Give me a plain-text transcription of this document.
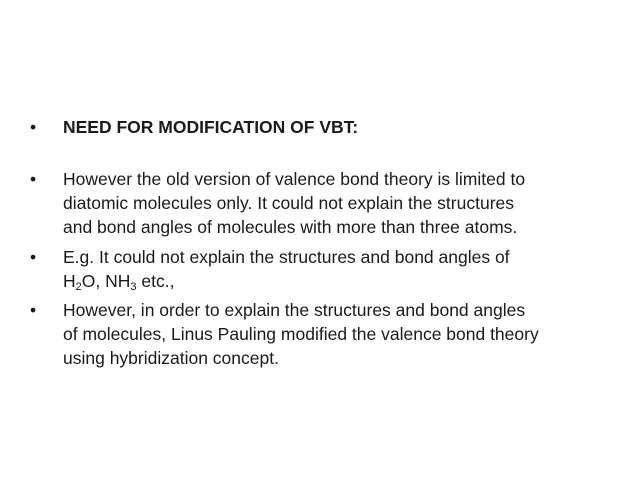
•	NEED FOR MODIFICATION OF VBT:
•	However the old version of valence bond theory is limited to
diatomic molecules only. It could not explain the structures
and bond angles of molecules with more than three atoms.
•	E.g. It could not explain the structures and bond angles of
$H_2O$, $NH_3$ etc.,
•	However, in order to explain the structures and bond angles
of molecules, Linus Pauling modified the valence bond theory
using hybridization concept.
